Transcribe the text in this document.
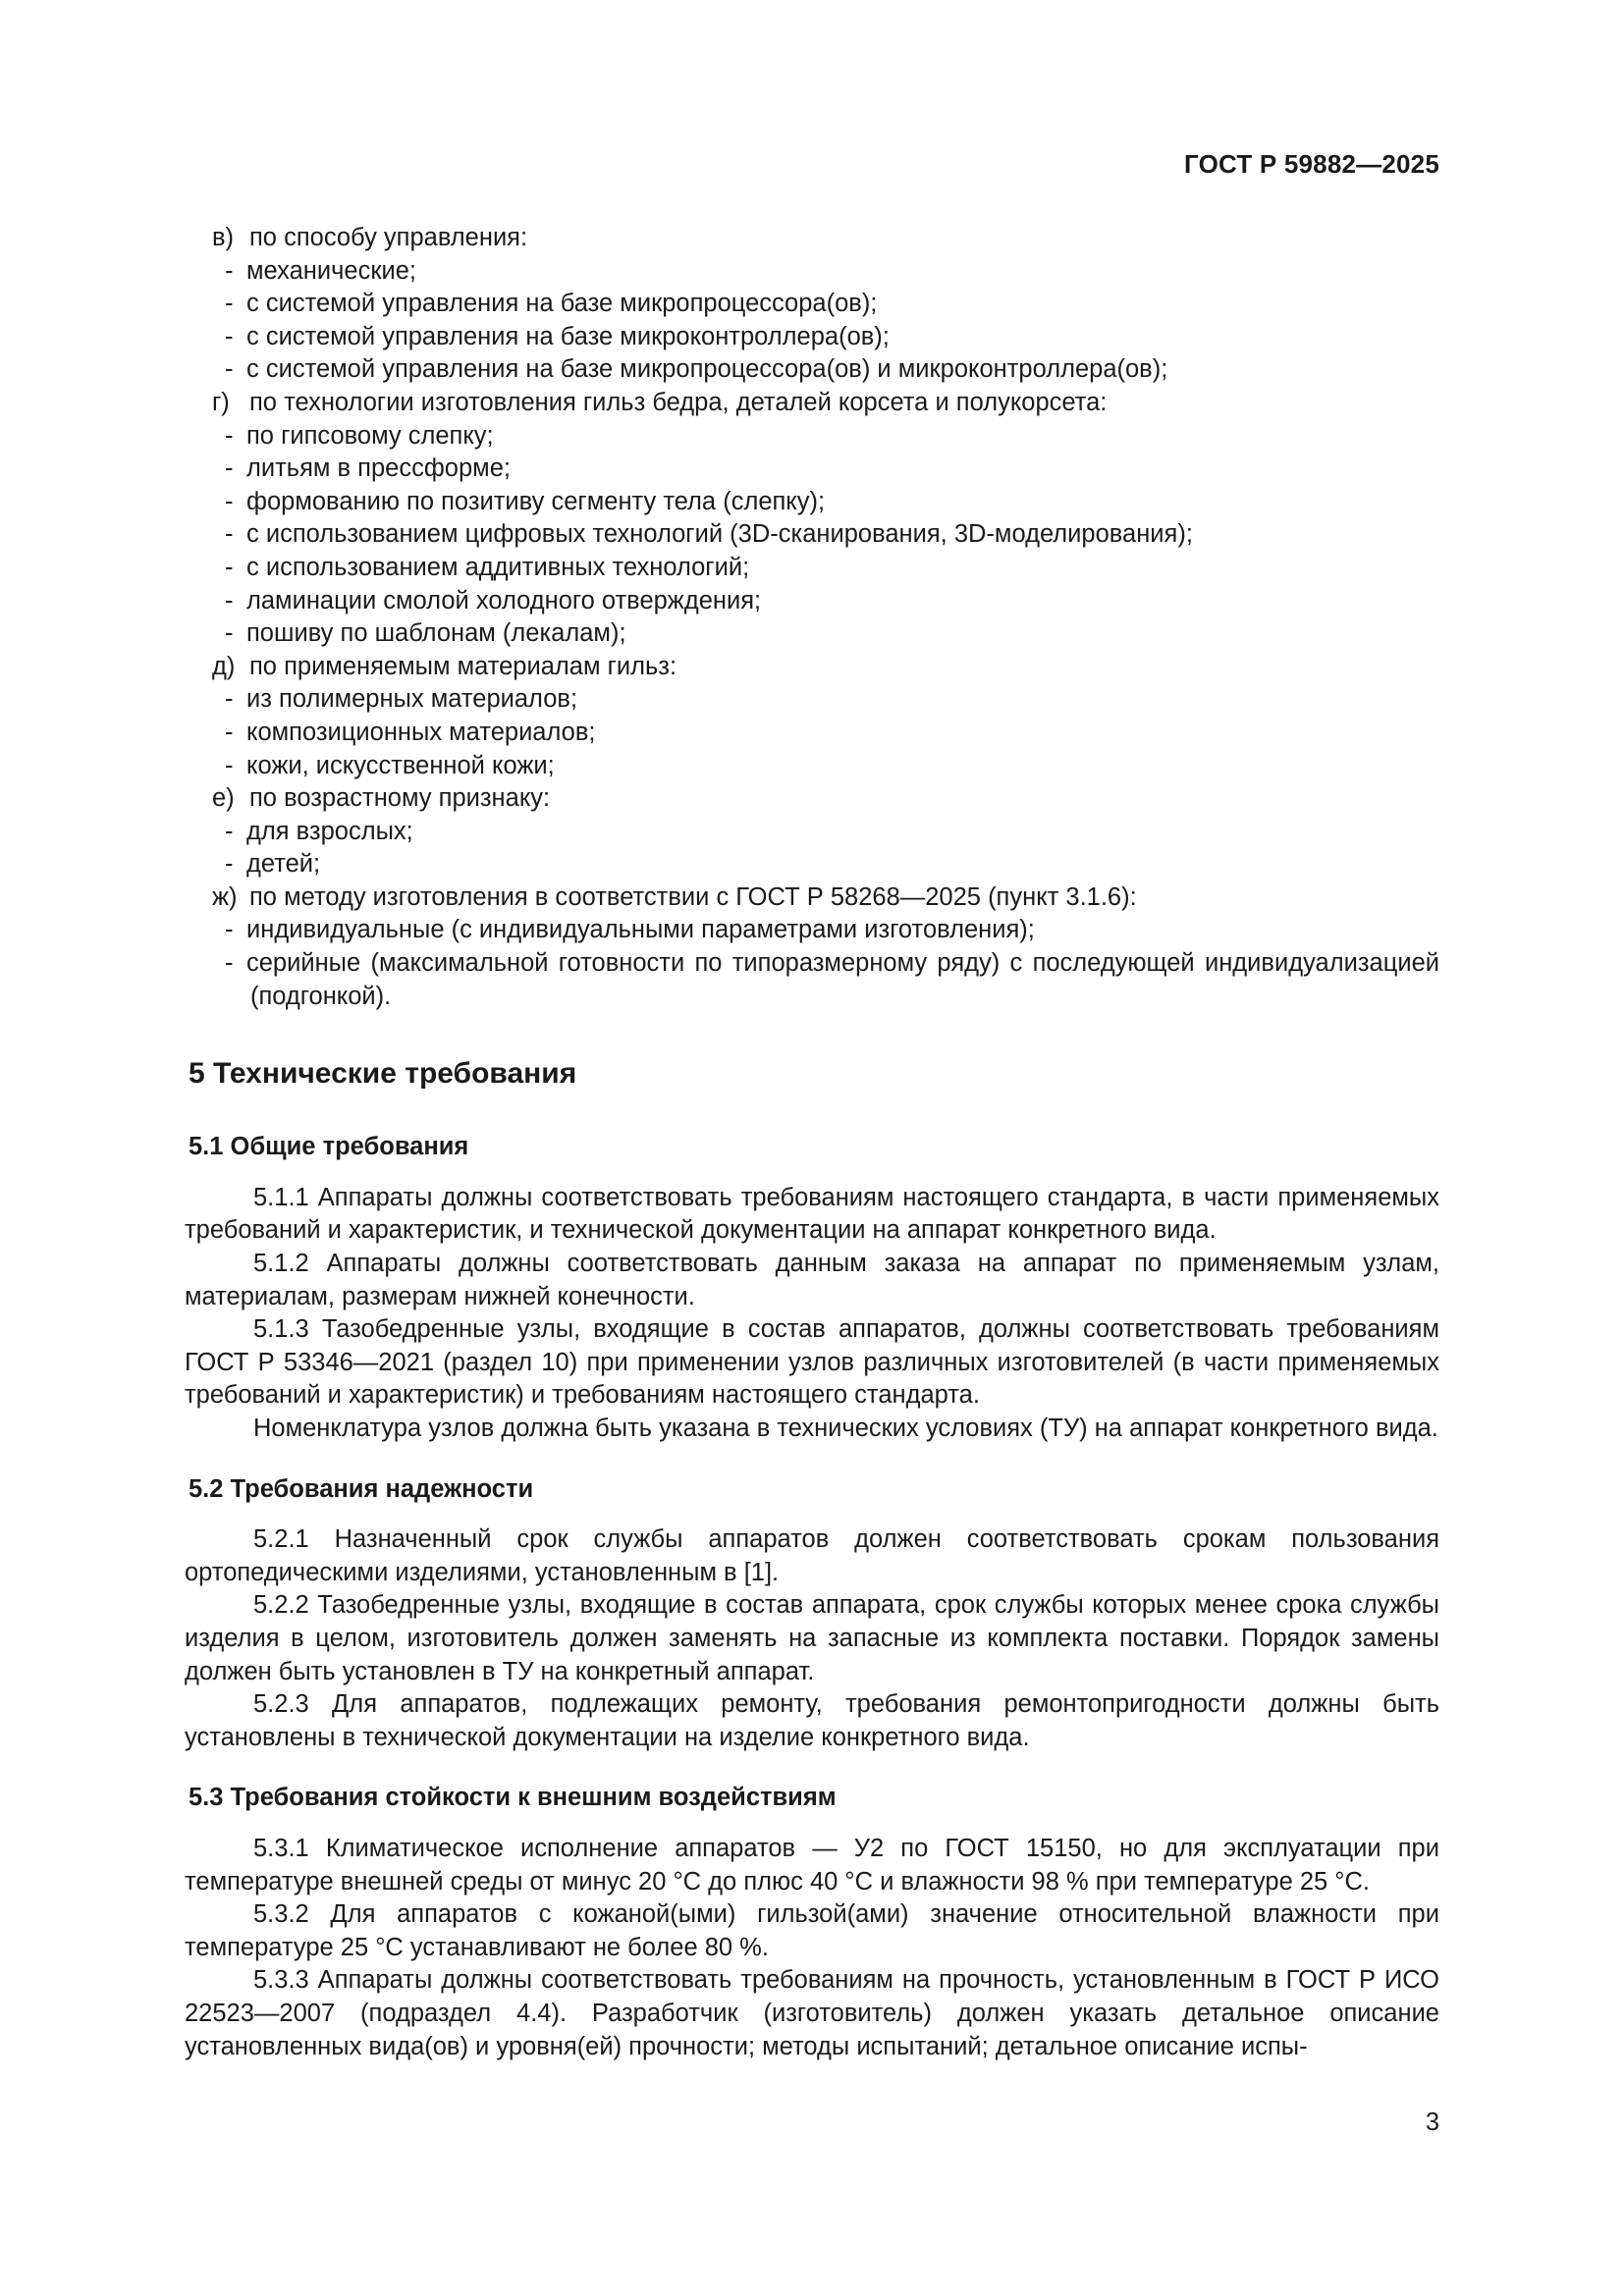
ГОСТ Р 59882—2025
в) по способу управления:
- механические;
- с системой управления на базе микропроцессора(ов);
- с системой управления на базе микроконтроллера(ов);
- с системой управления на базе микропроцессора(ов) и микроконтроллера(ов);
г) по технологии изготовления гильз бедра, деталей корсета и полукорсета:
- по гипсовому слепку;
- литьям в прессформе;
- формованию по позитиву сегменту тела (слепку);
- с использованием цифровых технологий (3D-сканирования, 3D-моделирования);
- с использованием аддитивных технологий;
- ламинации смолой холодного отверждения;
- пошиву по шаблонам (лекалам);
д) по применяемым материалам гильз:
- из полимерных материалов;
- композиционных материалов;
- кожи, искусственной кожи;
е) по возрастному признаку:
- для взрослых;
- детей;
ж) по методу изготовления в соответствии с ГОСТ Р 58268—2025 (пункт 3.1.6):
- индивидуальные (с индивидуальными параметрами изготовления);
- серийные (максимальной готовности по типоразмерному ряду) с последующей индивидуализацией (подгонкой).
5 Технические требования
5.1 Общие требования

5.1.1 Аппараты должны соответствовать требованиям настоящего стандарта, в части применяемых требований и характеристик, и технической документации на аппарат конкретного вида.

5.1.2 Аппараты должны соответствовать данным заказа на аппарат по применяемым узлам, материалам, размерам нижней конечности.

5.1.3 Тазобедренные узлы, входящие в состав аппаратов, должны соответствовать требованиям ГОСТ Р 53346—2021 (раздел 10) при применении узлов различных изготовителей (в части применяемых требований и характеристик) и требованиям настоящего стандарта.

Номенклатура узлов должна быть указана в технических условиях (ТУ) на аппарат конкретного вида.

5.2 Требования надежности

5.2.1 Назначенный срок службы аппаратов должен соответствовать срокам пользования ортопедическими изделиями, установленным в [1].

5.2.2 Тазобедренные узлы, входящие в состав аппарата, срок службы которых менее срока службы изделия в целом, изготовитель должен заменять на запасные из комплекта поставки. Порядок замены должен быть установлен в ТУ на конкретный аппарат.

5.2.3 Для аппаратов, подлежащих ремонту, требования ремонтопригодности должны быть установлены в технической документации на изделие конкретного вида.

5.3 Требования стойкости к внешним воздействиям

5.3.1 Климатическое исполнение аппаратов — У2 по ГОСТ 15150, но для эксплуатации при температуре внешней среды от минус 20 °С до плюс 40 °С и влажности 98 % при температуре 25 °С.

5.3.2 Для аппаратов с кожаной(ыми) гильзой(ами) значение относительной влажности при температуре 25 °С устанавливают не более 80 %.

5.3.3 Аппараты должны соответствовать требованиям на прочность, установленным в ГОСТ Р ИСО 22523—2007 (подраздел 4.4). Разработчик (изготовитель) должен указать детальное описание установленных вида(ов) и уровня(ей) прочности; методы испытаний; детальное описание испы-

3
